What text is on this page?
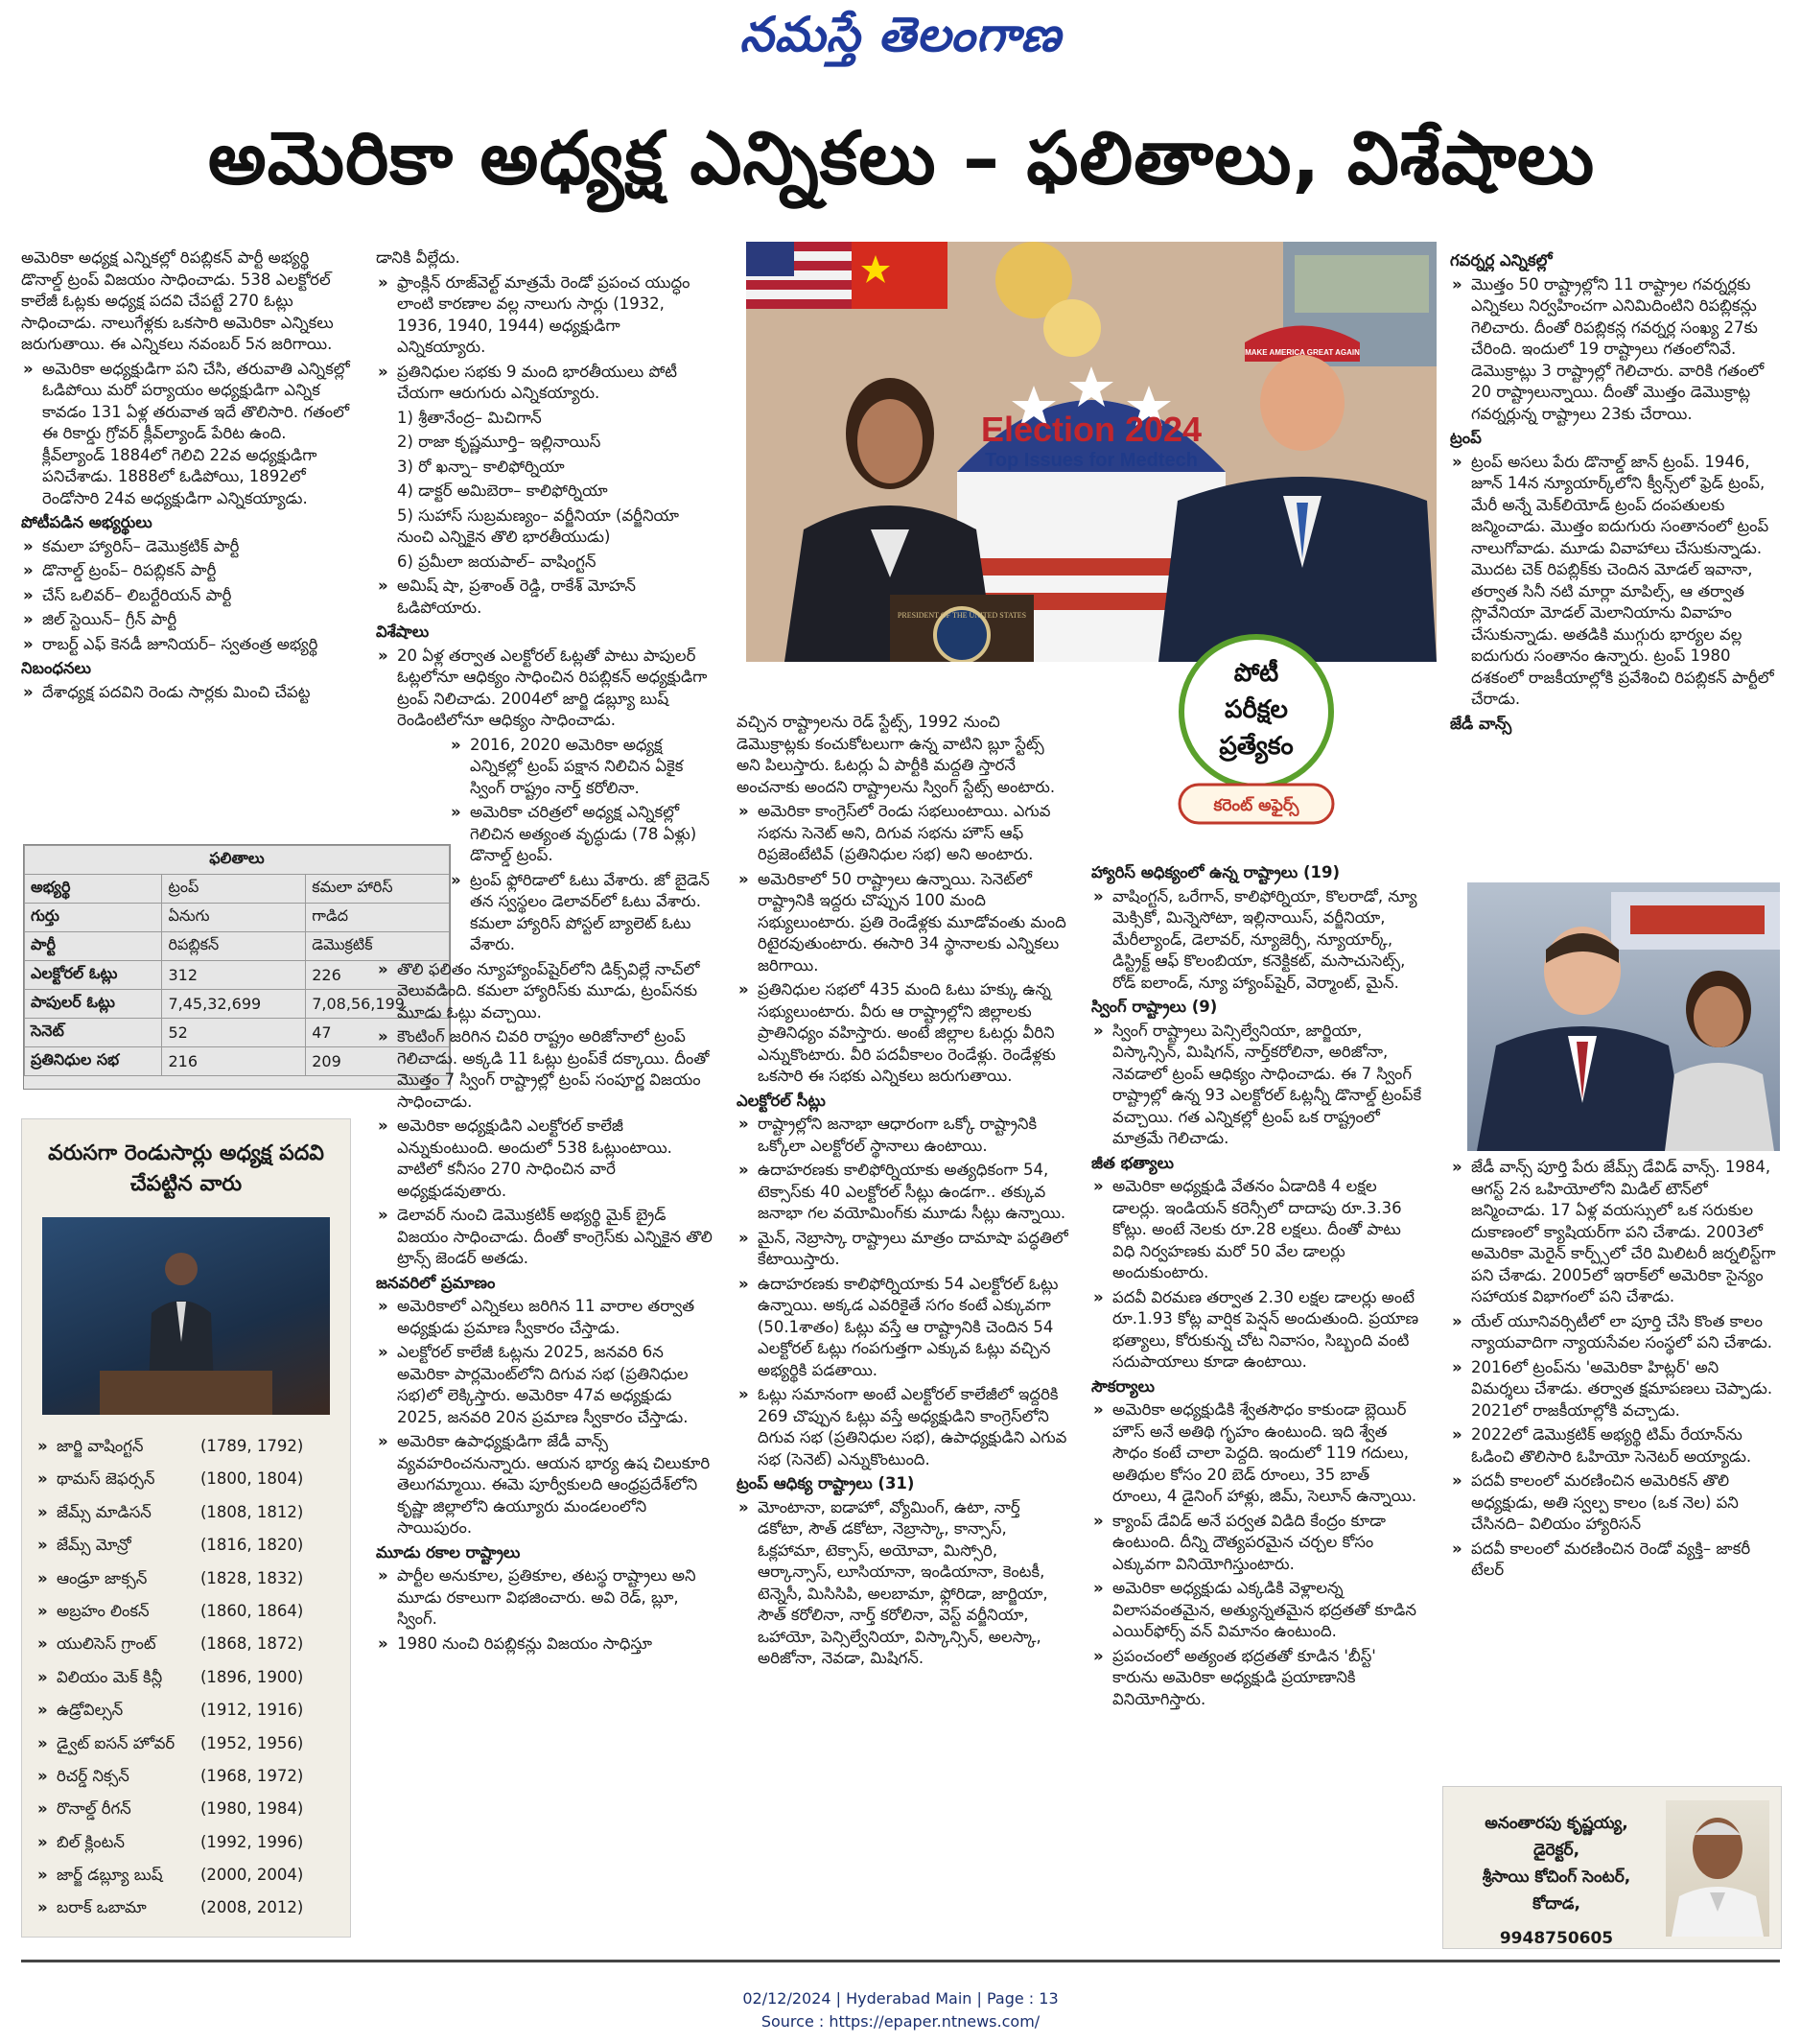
నమస్తే తెలంగాణ
అమెరికా అధ్యక్ష ఎన్నికలు – ఫలితాలు, విశేషాలు

అమెరికా అధ్యక్ష ఎన్నికల్లో రిపబ్లికన్ పార్టీ అభ్యర్థి డొనాల్డ్ ట్రంప్ విజయం సాధించాడు. 538 ఎలక్టోరల్ కాలేజీ ఓట్లకు అధ్యక్ష పదవి చేపట్టే 270 ఓట్లు సాధించాడు. నాలుగేళ్లకు ఒకసారి అమెరికా ఎన్నికలు జరుగుతాయి. ఈ ఎన్నికలు నవంబర్ 5న జరిగాయి.

» అమెరికా అధ్యక్షుడిగా పని చేసి, తరువాతి ఎన్నికల్లో ఓడిపోయి మరో పర్యాయం అధ్యక్షుడిగా ఎన్నిక కావడం 131 ఏళ్ల తరువాత ఇదే తొలిసారి. గతంలో ఈ రికార్డు గ్రోవర్ క్లీవ్‌ల్యాండ్ పేరిట ఉంది. క్లీవ్‌ల్యాండ్ 1884లో గెలిచి 22వ అధ్యక్షుడిగా పనిచేశాడు. 1888లో ఓడిపోయి, 1892లో రెండోసారి 24వ అధ్యక్షుడిగా ఎన్నికయ్యాడు.

పోటీపడిన అభ్యర్థులు

» కమలా హ్యారిస్– డెమొక్రటిక్ పార్టీ

» డొనాల్డ్ ట్రంప్– రిపబ్లికన్ పార్టీ

» చేస్ ఒలివర్– లిబర్టేరియన్ పార్టీ

» జిల్ స్టెయిన్– గ్రీన్ పార్టీ

» రాబర్ట్ ఎఫ్ కెనడీ జూనియర్– స్వతంత్ర అభ్యర్థి

నిబంధనలు

» దేశాధ్యక్ష పదవిని రెండు సార్లకు మించి చేపట్ట

ఫలితాలు		
అభ్యర్థి	ట్రంప్	కమలా హారిస్
గుర్తు	ఏనుగు	గాడిద
పార్టీ	రిపబ్లికన్	డెమొక్రటిక్
ఎలక్టోరల్ ఓట్లు	312	226
పాపులర్ ఓట్లు	7,45,32,699	7,08,56,199
సెనెట్	52	47
ప్రతినిధుల సభ	216	209
వరుసగా రెండుసార్లు అధ్యక్ష పదవి చేపట్టిన వారు
» జార్జి వాషింగ్టన్	(1789, 1792)
» థామస్ జెఫర్సన్	(1800, 1804)
» జేమ్స్ మాడిసన్	(1808, 1812)
» జేమ్స్ మోన్రో	(1816, 1820)
» ఆండ్రూ జాక్సన్	(1828, 1832)
» అబ్రహం లింకన్	(1860, 1864)
» యులిసెస్ గ్రాంట్	(1868, 1872)
» విలియం మెక్ కిన్లీ (1896, 1900)
» ఉడ్రోవిల్సన్	(1912, 1916)
» డ్వైట్ ఐసన్ హోవర్ (1952, 1956)
» రిచర్డ్ నిక్సన్	(1968, 1972)
» రొనాల్డ్ రీగన్	(1980, 1984)
» బిల్ క్లింటన్	(1992, 1996)
» జార్జ్ డబ్ల్యూ బుష్ (2000, 2004)
» బరాక్ ఒబామా	(2008, 2012)

డానికి వీల్లేదు.

» ఫ్రాంక్లిన్ రూజ్‌వెల్ట్ మాత్రమే రెండో ప్రపంచ యుద్ధం లాంటి కారణాల వల్ల నాలుగు సార్లు (1932, 1936, 1940, 1944) అధ్యక్షుడిగా ఎన్నికయ్యారు.

» ప్రతినిధుల సభకు 9 మంది భారతీయులు పోటీ చేయగా ఆరుగురు ఎన్నికయ్యారు.

1) శ్రీతానేంద్ర– మిచిగాన్

2) రాజా కృష్ణమూర్తి– ఇల్లినాయిస్

3) రో ఖన్నా– కాలిఫోర్నియా

4) డాక్టర్ అమిబెరా– కాలిఫోర్నియా

5) సుహాస్ సుబ్రమణ్యం– వర్జీనియా (వర్జీనియా నుంచి ఎన్నికైన తొలి భారతీయుడు)

6) ప్రమీలా జయపాల్– వాషింగ్టన్

» అమిష్ షా, ప్రశాంత్ రెడ్డి, రాకేశ్ మోహన్ ఓడిపోయారు.

విశేషాలు

» 20 ఏళ్ల తర్వాత ఎలక్టోరల్ ఓట్లతో పాటు పాపులర్ ఓట్లలోనూ ఆధిక్యం సాధించిన రిపబ్లికన్ అధ్యక్షుడిగా ట్రంప్ నిలిచాడు. 2004లో జార్జి డబ్ల్యూ బుష్ రెండింటిలోనూ ఆధిక్యం సాధించాడు.

» 2016, 2020 అమెరికా అధ్యక్ష ఎన్నికల్లో ట్రంప్ పక్షాన నిలిచిన ఏకైక స్వింగ్ రాష్ట్రం నార్త్ కరోలినా.

» అమెరికా చరిత్రలో అధ్యక్ష ఎన్నికల్లో గెలిచిన అత్యంత వృద్ధుడు (78 ఏళ్లు) డొనాల్డ్ ట్రంప్.

» ట్రంప్ ఫ్లోరిడాలో ఓటు వేశారు. జో బైడెన్ తన స్వస్థలం డెలావర్‌లో ఓటు వేశారు. కమలా హ్యారిస్ పోస్టల్ బ్యాలెట్ ఓటు వేశారు.

» తొలి ఫలితం న్యూహ్యాంప్‌షైర్‌లోని డిక్స్‌విల్లే నాచ్‌లో వెలువడింది. కమలా హ్యారిస్‌కు మూడు, ట్రంప్‌నకు మూడు ఓట్లు వచ్చాయి.

» కౌంటింగ్ జరిగిన చివరి రాష్ట్రం అరిజోనాలో ట్రంప్ గెలిచాడు. అక్కడి 11 ఓట్లు ట్రంప్‌కే దక్కాయి. దీంతో మొత్తం 7 స్వింగ్ రాష్ట్రాల్లో ట్రంప్ సంపూర్ణ విజయం సాధించాడు.

» అమెరికా అధ్యక్షుడిని ఎలక్టోరల్ కాలేజీ ఎన్నుకుంటుంది. అందులో 538 ఓట్లుంటాయి. వాటిలో కనీసం 270 సాధించిన వారే అధ్యక్షుడవుతారు.

» డెలావర్ నుంచి డెమొక్రటిక్ అభ్యర్థి మైక్ బ్రైడ్ విజయం సాధించాడు. దీంతో కాంగ్రెస్‌కు ఎన్నికైన తొలి ట్రాన్స్ జెండర్ అతడు.

జనవరిలో ప్రమాణం

» అమెరికాలో ఎన్నికలు జరిగిన 11 వారాల తర్వాత అధ్యక్షుడు ప్రమాణ స్వీకారం చేస్తాడు.

» ఎలక్టోరల్ కాలేజీ ఓట్లను 2025, జనవరి 6న అమెరికా పార్లమెంట్‌లోని దిగువ సభ (ప్రతినిధుల సభ)లో లెక్కిస్తారు. అమెరికా 47వ అధ్యక్షుడు 2025, జనవరి 20న ప్రమాణ స్వీకారం చేస్తాడు.

» అమెరికా ఉపాధ్యక్షుడిగా జేడీ వాన్స్ వ్యవహరించనున్నారు. ఆయన భార్య ఉష చిలుకూరి తెలుగమ్మాయి. ఈమె పూర్వీకులది ఆంధ్రప్రదేశ్‌లోని కృష్ణా జిల్లాలోని ఉయ్యూరు మండలంలోని సాయిపురం.

మూడు రకాల రాష్ట్రాలు

» పార్టీల అనుకూల, ప్రతికూల, తటస్థ రాష్ట్రాలు అని మూడు రకాలుగా విభజించారు. అవి రెడ్, బ్లూ, స్వింగ్.

» 1980 నుంచి రిపబ్లికన్లు విజయం సాధిస్తూ

Election 2024
Top Issues for Medtech
MAKE AMERICA GREAT AGAIN
PRESIDENT OF THE UNITED STATES
పోటీ
పరీక్షల
ప్రత్యేకం
కరెంట్ అఫైర్స్

వచ్చిన రాష్ట్రాలను రెడ్ స్టేట్స్, 1992 నుంచి డెమొక్రాట్లకు కంచుకోటలుగా ఉన్న వాటిని బ్లూ స్టేట్స్ అని పిలుస్తారు. ఓటర్లు ఏ పార్టీకి మద్దతి స్తారనే అంచనాకు అందని రాష్ట్రాలను స్వింగ్ స్టేట్స్ అంటారు.

» అమెరికా కాంగ్రెస్‌లో రెండు సభలుంటాయి. ఎగువ సభను సెనెట్ అని, దిగువ సభను హౌస్ ఆఫ్ రిప్రజెంటేటివ్ (ప్రతినిధుల సభ) అని అంటారు.

» అమెరికాలో 50 రాష్ట్రాలు ఉన్నాయి. సెనెట్‌లో రాష్ట్రానికి ఇద్దరు చొప్పున 100 మంది సభ్యులుంటారు. ప్రతి రెండేళ్లకు మూడోవంతు మంది రిటైరవుతుంటారు. ఈసారి 34 స్థానాలకు ఎన్నికలు జరిగాయి.

» ప్రతినిధుల సభలో 435 మంది ఓటు హక్కు ఉన్న సభ్యులుంటారు. వీరు ఆ రాష్ట్రాల్లోని జిల్లాలకు ప్రాతినిధ్యం వహిస్తారు. అంటే జిల్లాల ఓటర్లు వీరిని ఎన్నుకొంటారు. వీరి పదవీకాలం రెండేళ్లు. రెండేళ్లకు ఒకసారి ఈ సభకు ఎన్నికలు జరుగుతాయి.

ఎలక్టోరల్ సీట్లు

» రాష్ట్రాల్లోని జనాభా ఆధారంగా ఒక్కో రాష్ట్రానికి ఒక్కోలా ఎలక్టోరల్ స్థానాలు ఉంటాయి.

» ఉదాహరణకు కాలిఫోర్నియాకు అత్యధికంగా 54, టెక్సాస్‌కు 40 ఎలక్టోరల్ సీట్లు ఉండగా.. తక్కువ జనాభా గల వయోమింగ్‌కు మూడు సీట్లు ఉన్నాయి.

» మైన్, నెబ్రాస్కా రాష్ట్రాలు మాత్రం దామాషా పద్ధతిలో కేటాయిస్తారు.

» ఉదాహరణకు కాలిఫోర్నియాకు 54 ఎలక్టోరల్ ఓట్లు ఉన్నాయి. అక్కడ ఎవరికైతే సగం కంటే ఎక్కువగా (50.1శాతం) ఓట్లు వస్తే ఆ రాష్ట్రానికి చెందిన 54 ఎలక్టోరల్ ఓట్లు గంపగుత్తగా ఎక్కువ ఓట్లు వచ్చిన అభ్యర్థికి పడతాయి.

» ఓట్లు సమానంగా అంటే ఎలక్టోరల్ కాలేజీలో ఇద్దరికి 269 చొప్పున ఓట్లు వస్తే అధ్యక్షుడిని కాంగ్రెస్‌లోని దిగువ సభ (ప్రతినిధుల సభ), ఉపాధ్యక్షుడిని ఎగువ సభ (సెనెట్) ఎన్నుకొంటుంది.

ట్రంప్ ఆధిక్య రాష్ట్రాలు (31)

» మోంటానా, ఐడాహో, వ్యోమింగ్, ఉటా, నార్త్ డకోటా, సౌత్ డకోటా, నెబ్రాస్కా, కాన్సాస్, ఓక్లహామా, టెక్సాస్, అయోవా, మిస్సోరి, ఆర్కాన్సాస్, లూసియానా, ఇండియానా, కెంటకీ, టెన్నెసీ, మిసిసిపి, అలబామా, ఫ్లోరిడా, జార్జియా, సౌత్ కరోలినా, నార్త్ కరోలినా, వెస్ట్ వర్జీనియా, ఒహాయో, పెన్సిల్వేనియా, విస్కాన్సిన్, అలస్కా, అరిజోనా, నెవడా, మిషిగన్.

హ్యారిస్ అధిక్యంలో ఉన్న రాష్ట్రాలు (19)

» వాషింగ్టన్, ఒరేగాన్, కాలిఫోర్నియా, కొలరాడో, న్యూ మెక్సికో, మిన్నెసోటా, ఇల్లినాయిస్, వర్జీనియా, మేరీల్యాండ్, డెలావర్, న్యూజెర్సీ, న్యూయార్క్, డిస్ట్రిక్ట్ ఆఫ్ కొలంబియా, కనెక్టికట్, మసాచుసెట్స్, రోడ్ ఐలాండ్, న్యూ హ్యాంప్‌షైర్, వెర్మాంట్, మైన్.

స్వింగ్ రాష్ట్రాలు (9)

» స్వింగ్ రాష్ట్రాలు పెన్సిల్వేనియా, జార్జియా, విస్కాన్సిన్, మిషిగన్, నార్త్‌కరోలినా, అరిజోనా, నెవడాలో ట్రంప్ ఆధిక్యం సాధించాడు. ఈ 7 స్వింగ్ రాష్ట్రాల్లో ఉన్న 93 ఎలక్టోరల్ ఓట్లన్నీ డొనాల్డ్ ట్రంప్‌కే వచ్చాయి. గత ఎన్నికల్లో ట్రంప్ ఒక రాష్ట్రంలో మాత్రమే గెలిచాడు.

జీత భత్యాలు

» అమెరికా అధ్యక్షుడి వేతనం ఏడాదికి 4 లక్షల డాలర్లు. ఇండియన్ కరెన్సీలో దాదాపు రూ.3.36 కోట్లు. అంటే నెలకు రూ.28 లక్షలు. దీంతో పాటు విధి నిర్వహణకు మరో 50 వేల డాలర్లు అందుకుంటారు.

» పదవీ విరమణ తర్వాత 2.30 లక్షల డాలర్లు అంటే రూ.1.93 కోట్ల వార్షిక పెన్షన్ అందుతుంది. ప్రయాణ భత్యాలు, కోరుకున్న చోట నివాసం, సిబ్బంది వంటి సదుపాయాలు కూడా ఉంటాయి.

సౌకర్యాలు

» అమెరికా అధ్యక్షుడికి శ్వేతసౌధం కాకుండా బ్లెయిర్ హౌస్ అనే అతిథి గృహం ఉంటుంది. ఇది శ్వేత సౌధం కంటే చాలా పెద్దది. ఇందులో 119 గదులు, అతిథుల కోసం 20 బెడ్ రూంలు, 35 బాత్ రూంలు, 4 డైనింగ్ హాళ్లు, జిమ్, సెలూన్ ఉన్నాయి.

» క్యాంప్ డేవిడ్ అనే పర్వత విడిది కేంద్రం కూడా ఉంటుంది. దీన్ని దౌత్యపరమైన చర్చల కోసం ఎక్కువగా వినియోగిస్తుంటారు.

» అమెరికా అధ్యక్షుడు ఎక్కడికి వెళ్లాలన్న విలాసవంతమైన, అత్యున్నతమైన భద్రతతో కూడిన ఎయిర్‌ఫోర్స్ వన్ విమానం ఉంటుంది.

» ప్రపంచంలో అత్యంత భద్రతతో కూడిన 'బీస్ట్' కారును అమెరికా అధ్యక్షుడి ప్రయాణానికి వినియోగిస్తారు.

గవర్నర్ల ఎన్నికల్లో

» మొత్తం 50 రాష్ట్రాల్లోని 11 రాష్ట్రాల గవర్నర్లకు ఎన్నికలు నిర్వహించగా ఎనిమిదింటిని రిపబ్లికన్లు గెలిచారు. దీంతో రిపబ్లికన్ల గవర్నర్ల సంఖ్య 27కు చేరింది. ఇందులో 19 రాష్ట్రాలు గతంలోనివే. డెమొక్రాట్లు 3 రాష్ట్రాల్లో గెలిచారు. వారికి గతంలో 20 రాష్ట్రాలున్నాయి. దీంతో మొత్తం డెమొక్రాట్ల గవర్నర్లున్న రాష్ట్రాలు 23కు చేరాయి.

ట్రంప్

» ట్రంప్ అసలు పేరు డొనాల్డ్ జాన్ ట్రంప్. 1946, జూన్ 14న న్యూయార్క్‌లోని క్వీన్స్‌లో ఫ్రెడ్ ట్రంప్, మేరీ అన్నే మెక్‌లియోడ్ ట్రంప్ దంపతులకు జన్మించాడు. మొత్తం ఐదుగురు సంతానంలో ట్రంప్ నాలుగోవాడు. మూడు వివాహాలు చేసుకున్నాడు. మొదట చెక్ రిపబ్లిక్‌కు చెందిన మోడల్ ఇవానా, తర్వాత సినీ నటి మార్లా మాపిల్స్, ఆ తర్వాత స్లొవేనియా మోడల్ మెలానియాను వివాహం చేసుకున్నాడు. అతడికి ముగ్గురు భార్యల వల్ల ఐదుగురు సంతానం ఉన్నారు. ట్రంప్ 1980 దశకంలో రాజకీయాల్లోకి ప్రవేశించి రిపబ్లికన్ పార్టీలో చేరాడు.

జేడీ వాన్స్

» జేడీ వాన్స్ పూర్తి పేరు జేమ్స్ డేవిడ్ వాన్స్. 1984, ఆగస్ట్ 2న ఒహియోలోని మిడిల్ టౌన్‌లో జన్మించాడు. 17 ఏళ్ల వయస్సులో ఒక సరుకుల దుకాణంలో క్యాషియర్‌గా పని చేశాడు. 2003లో అమెరికా మెరైన్ కార్ప్స్‌లో చేరి మిలిటరీ జర్నలిస్ట్‌గా పని చేశాడు. 2005లో ఇరాక్‌లో అమెరికా సైన్యం సహాయక విభాగంలో పని చేశాడు.

» యేల్ యూనివర్సిటీలో లా పూర్తి చేసి కొంత కాలం న్యాయవాదిగా న్యాయసేవల సంస్థలో పని చేశాడు.

» 2016లో ట్రంప్‌ను 'అమెరికా హిట్లర్' అని విమర్శలు చేశాడు. తర్వాత క్షమాపణలు చెప్పాడు. 2021లో రాజకీయాల్లోకి వచ్చాడు.

» 2022లో డెమొక్రటిక్ అభ్యర్థి టిమ్ రేయాన్‌ను ఓడించి తొలిసారి ఓహియో సెనెటర్ అయ్యాడు.

» పదవీ కాలంలో మరణించిన అమెరికన్ తొలి అధ్యక్షుడు, అతి స్వల్ప కాలం (ఒక నెల) పని చేసినది– విలియం హ్యారిసన్

» పదవీ కాలంలో మరణించిన రెండో వ్యక్తి– జాకరీ టేలర్

అనంతారపు కృష్ణయ్య,
డైరెక్టర్,
శ్రీసాయి కోచింగ్ సెంటర్,
కోదాడ,
9948750605
02/12/2024 | Hyderabad Main | Page : 13
Source : https://epaper.ntnews.com/
